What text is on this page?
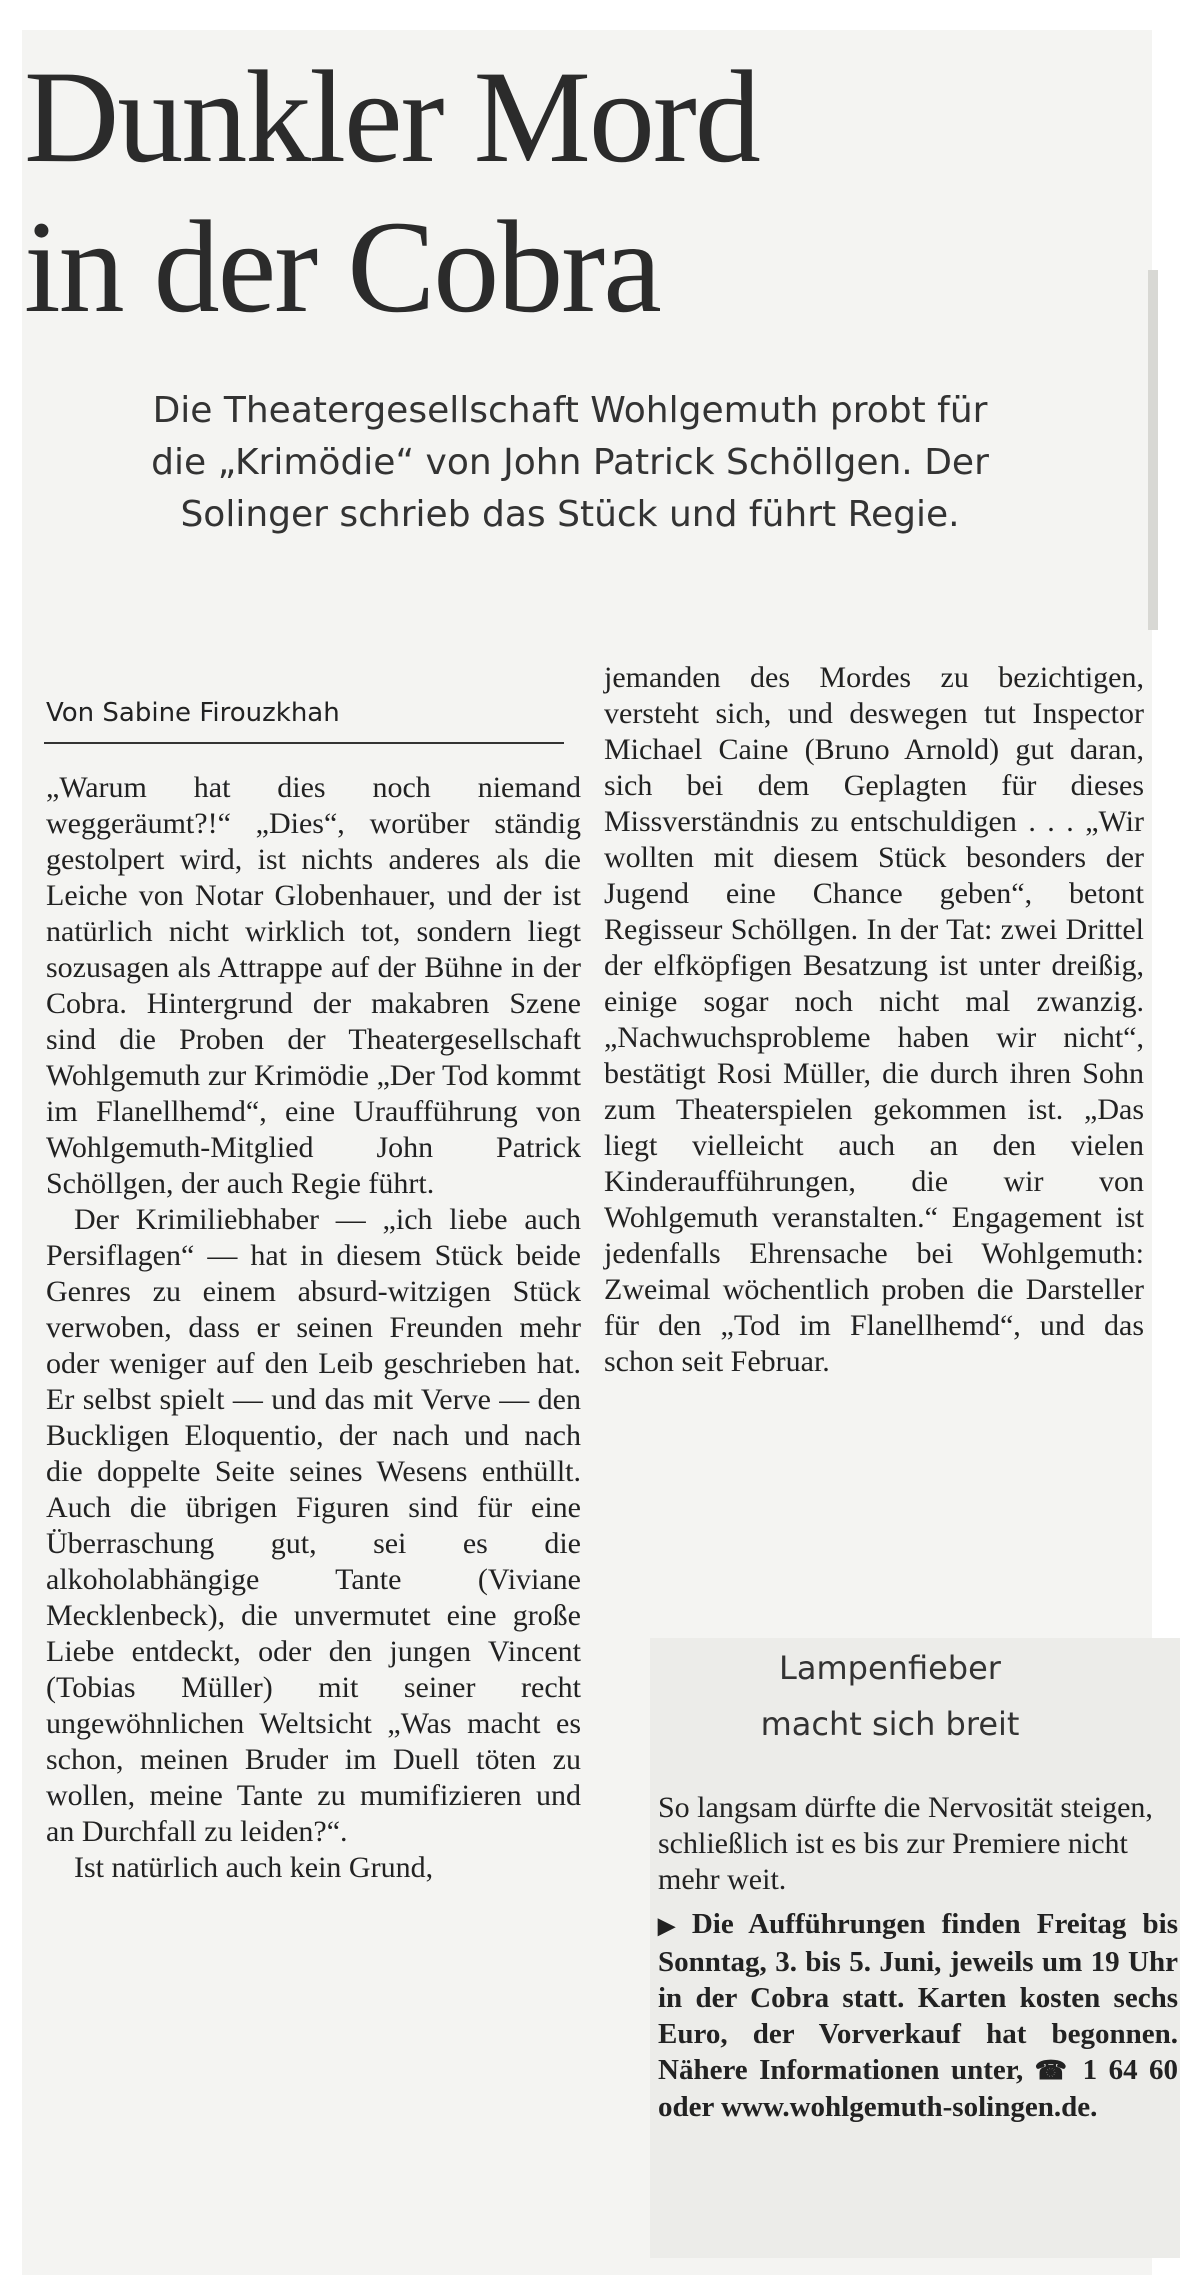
Dunkler Mord
in der Cobra
Die Theatergesellschaft Wohlgemuth probt für die „Krimödie“ von John Patrick Schöllgen. Der Solinger schrieb das Stück und führt Regie.
Von Sabine Firouzkhah

„Warum hat dies noch niemand weggeräumt?!“ „Dies“, worüber ständig gestolpert wird, ist nichts anderes als die Leiche von Notar Globenhauer, und der ist natürlich nicht wirklich tot, sondern liegt sozusagen als Attrappe auf der Bühne in der Cobra. Hintergrund der makabren Szene sind die Proben der Theatergesellschaft Wohlgemuth zur Krimödie „Der Tod kommt im Flanellhemd“, eine Uraufführung von Wohlgemuth-Mitglied John Patrick Schöllgen, der auch Regie führt.

Der Krimiliebhaber — „ich liebe auch Persiflagen“ — hat in diesem Stück beide Genres zu einem absurd-witzigen Stück verwoben, dass er seinen Freunden mehr oder weniger auf den Leib geschrieben hat. Er selbst spielt — und das mit Verve — den Buckligen Eloquentio, der nach und nach die doppelte Seite seines Wesens enthüllt. Auch die übrigen Figuren sind für eine Überraschung gut, sei es die alkoholabhängige Tante (Viviane Mecklenbeck), die unvermutet eine große Liebe entdeckt, oder den jungen Vincent (Tobias Müller) mit seiner recht ungewöhnlichen Weltsicht „Was macht es schon, meinen Bruder im Duell töten zu wollen, meine Tante zu mumifizieren und an Durchfall zu leiden?“.

Ist natürlich auch kein Grund,

jemanden des Mordes zu bezichtigen, versteht sich, und deswegen tut Inspector Michael Caine (Bruno Arnold) gut daran, sich bei dem Geplagten für dieses Missverständnis zu entschuldigen . . . „Wir wollten mit diesem Stück besonders der Jugend eine Chance geben“, betont Regisseur Schöllgen. In der Tat: zwei Drittel der elfköpfigen Besatzung ist unter dreißig, einige sogar noch nicht mal zwanzig. „Nachwuchsprobleme haben wir nicht“, bestätigt Rosi Müller, die durch ihren Sohn zum Theaterspielen gekommen ist. „Das liegt vielleicht auch an den vielen Kinderaufführungen, die wir von Wohlgemuth veranstalten.“ Engagement ist jedenfalls Ehrensache bei Wohlgemuth: Zweimal wöchentlich proben die Darsteller für den „Tod im Flanellhemd“, und das schon seit Februar.

Lampenfieber
macht sich breit
So langsam dürfte die Nervosität steigen, schließlich ist es bis zur Premiere nicht mehr weit.
▶ Die Aufführungen finden Freitag bis Sonntag, 3. bis 5. Juni, jeweils um 19 Uhr in der Cobra statt. Karten kosten sechs Euro, der Vorverkauf hat begonnen. Nähere Informationen unter, ☎ 1 64 60 oder www.wohlgemuth-solingen.de.
